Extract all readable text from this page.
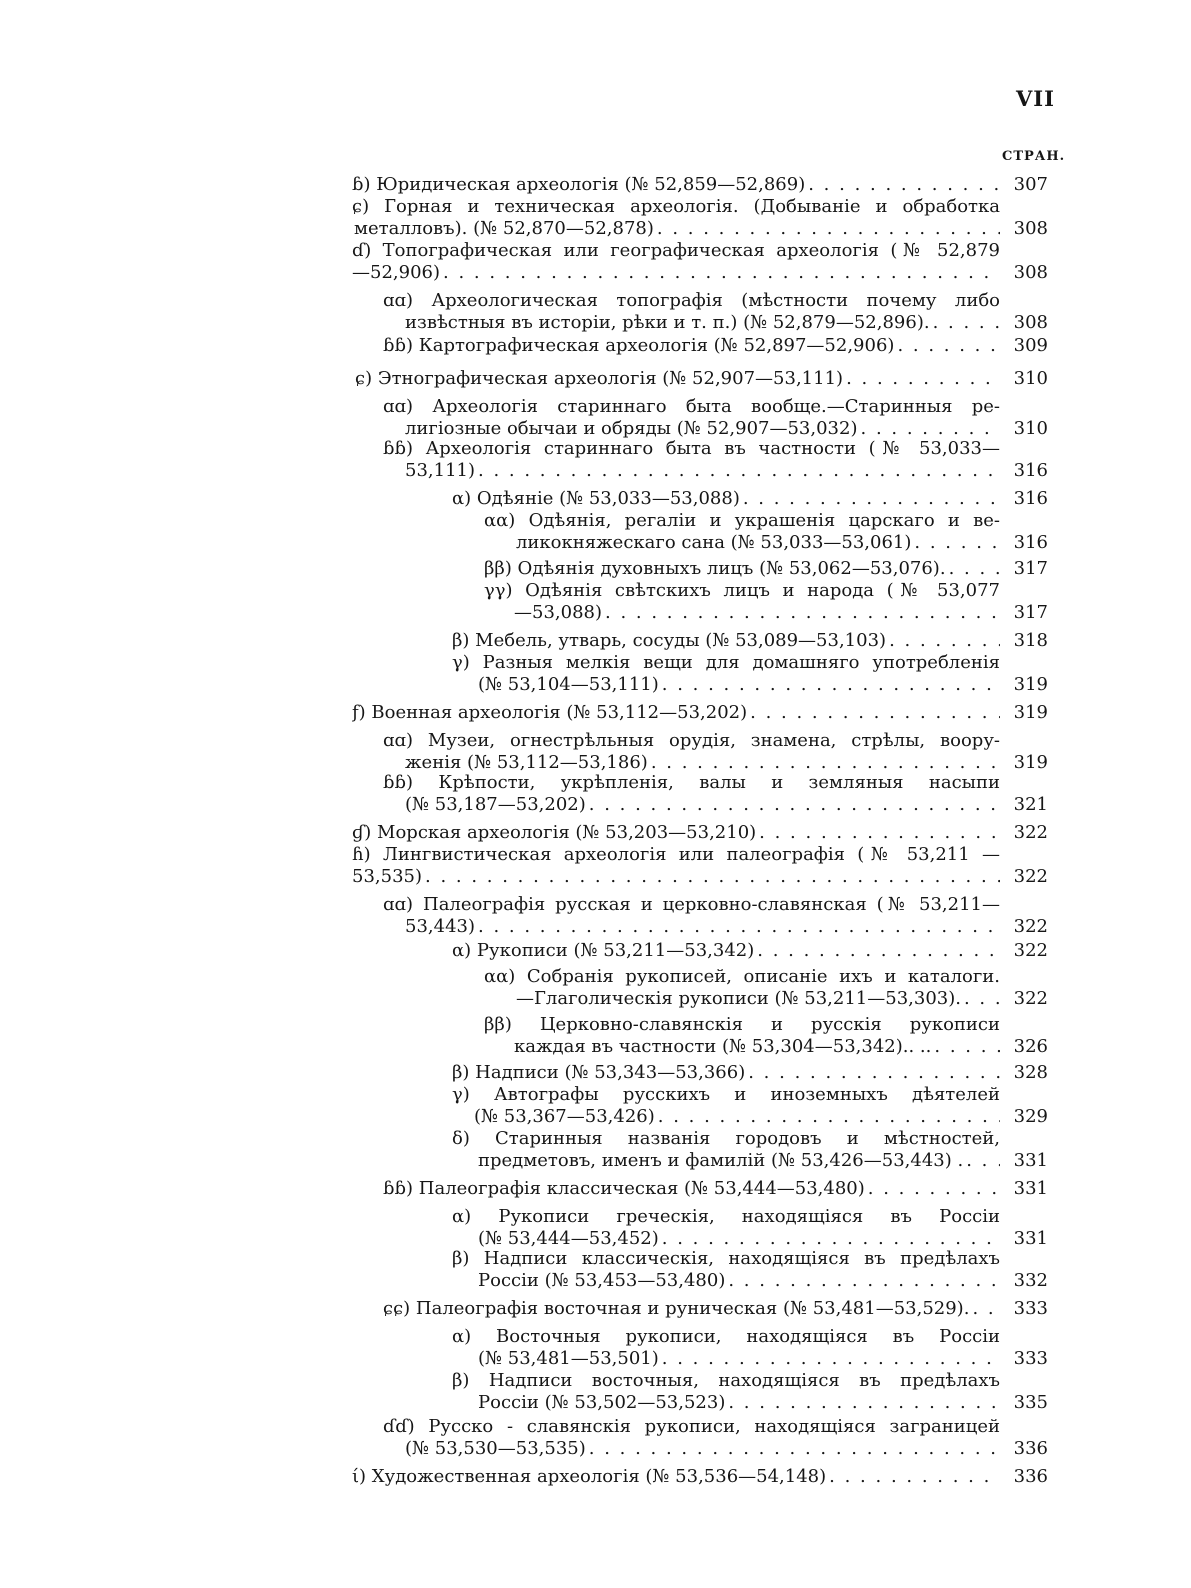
VII
СТРАН.
ɓ) Юридическая археологія (№ 52,859—52,869) . . .	307
ɕ) Горная и техническая археологія. (Добываніе и обработка
металловъ). (№ 52,870—52,878) . . .	308
ɗ) Топографическая или географическая археологія (№ 52,879
—52,906) . . .	308
ɑɑ) Археологическая топографія (мѣстности почему либо
извѣстныя въ исторіи, рѣки и т. п.) (№ 52,879—52,896). . . .	308
ɓɓ) Картографическая археологія (№ 52,897—52,906) . . .	309
ɕ) Этнографическая археологія (№ 52,907—53,111) . . .	310
ɑɑ) Археологія стариннаго быта вообще.—Старинныя ре-
лигіозные обычаи и обряды (№ 52,907—53,032) . . .	310
ɓɓ) Археологія стариннаго быта въ частности (№ 53,033—
53,111) . . .	316
α) Одѣяніе (№ 53,033—53,088) . . .	316
αα) Одѣянія, регаліи и украшенія царскаго и ве-
ликокняжескаго сана (№ 53,033—53,061) . . .	316
ββ) Одѣянія духовныхъ лицъ (№ 53,062—53,076). . . .	317
γγ) Одѣянія свѣтскихъ лицъ и народа (№ 53,077
—53,088) . . .	317
β) Мебель, утварь, сосуды (№ 53,089—53,103) . . .	318
γ) Разныя мелкія вещи для домашняго употребленія
(№ 53,104—53,111) . . .	319
ƒ) Военная археологія (№ 53,112—53,202) . . .	319
ɑɑ) Музеи, огнестрѣльныя орудія, знамена, стрѣлы, воору-
женія (№ 53,112—53,186) . . .	319
ɓɓ) Крѣпости, укрѣпленія, валы и земляныя насыпи
(№ 53,187—53,202) . . .	321
ɠ) Морская археологія (№ 53,203—53,210) . . .	322
ɦ) Лингвистическая археологія или палеографія (№ 53,211 —
53,535) . . .	322
ɑɑ) Палеографія русская и церковно-славянская (№ 53,211—
53,443) . . .	322
α) Рукописи (№ 53,211—53,342) . . .	322
αα) Собранія рукописей, описаніе ихъ и каталоги.
—Глаголическія рукописи (№ 53,211—53,303). . . .	322
ββ) Церковно-славянскія и русскія рукописи
каждая въ частности (№ 53,304—53,342).. .. . . .	326
β) Надписи (№ 53,343—53,366) . . .	328
γ) Автографы русскихъ и иноземныхъ дѣятелей
(№ 53,367—53,426) . . .	329
δ) Старинныя названія городовъ и мѣстностей,
предметовъ, именъ и фамилій (№ 53,426—53,443) . . . .	331
ɓɓ) Палеографія классическая (№ 53,444—53,480) . . .	331
α) Рукописи греческія, находящіяся въ Россіи
(№ 53,444—53,452) . . .	331
β) Надписи классическія, находящіяся въ предѣлахъ
Россіи (№ 53,453—53,480) . . .	332
ɕɕ) Палеографія восточная и руническая (№ 53,481—53,529). . . .	333
α) Восточныя рукописи, находящіяся въ Россіи
(№ 53,481—53,501) . . .	333
β) Надписи восточныя, находящіяся въ предѣлахъ
Россіи (№ 53,502—53,523) . . .	335
ɗɗ) Русско - славянскія рукописи, находящіяся заграницей
(№ 53,530—53,535) . . .	336
ί) Художественная археологія (№ 53,536—54,148) . . .	336
